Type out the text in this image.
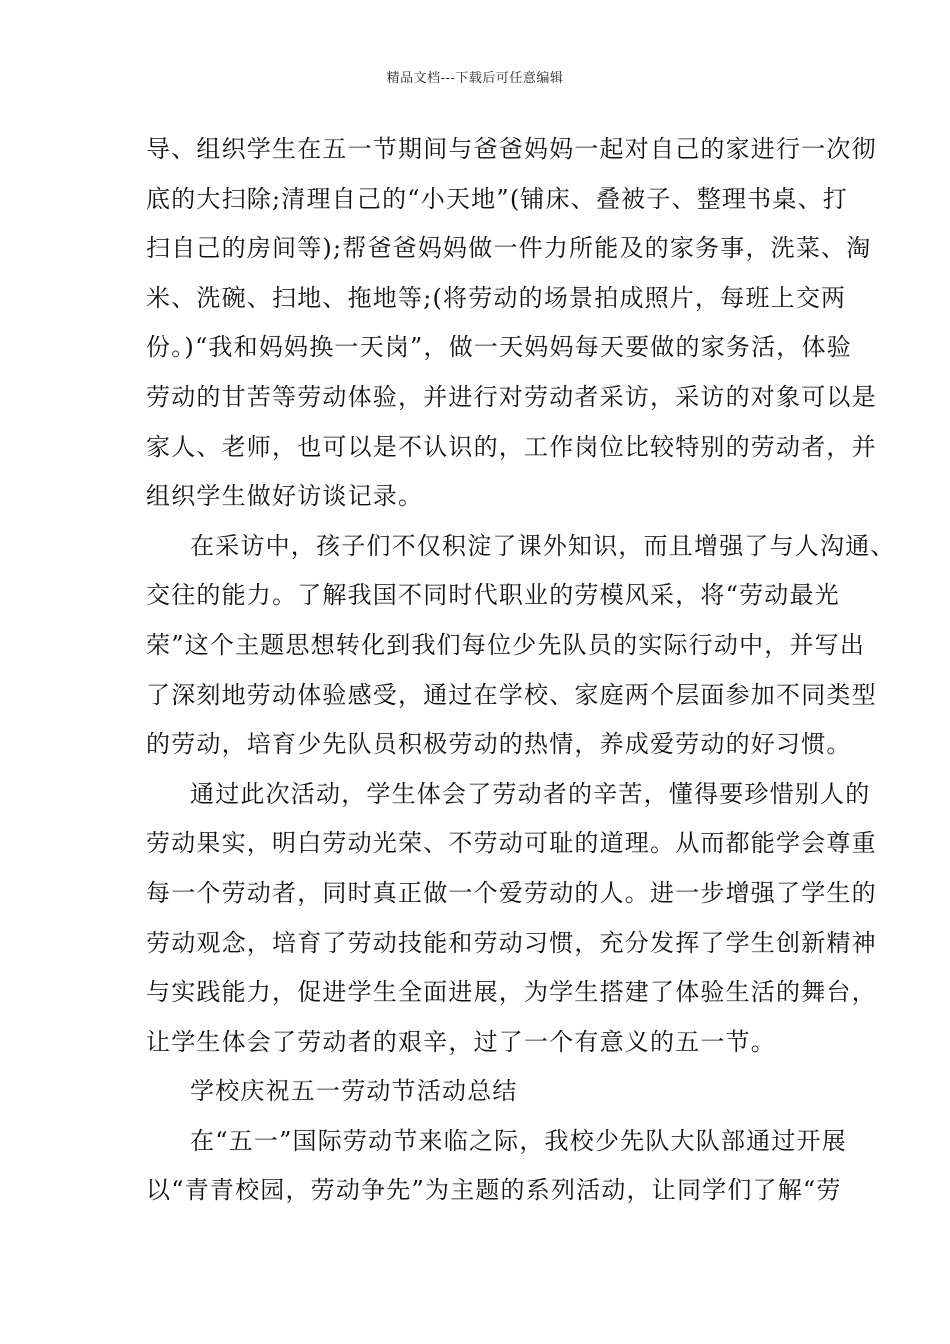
精品文档---下载后可任意编辑
导、组织学生在五一节期间与爸爸妈妈一起对自己的家进行一次彻
底的大扫除;清理自己的“小天地”(铺床、叠被子、整理书桌、打
扫自己的房间等);帮爸爸妈妈做一件力所能及的家务事，洗菜、淘
米、洗碗、扫地、拖地等;(将劳动的场景拍成照片，每班上交两
份。)“我和妈妈换一天岗”，做一天妈妈每天要做的家务活，体验
劳动的甘苦等劳动体验，并进行对劳动者采访，采访的对象可以是
家人、老师，也可以是不认识的，工作岗位比较特别的劳动者，并
组织学生做好访谈记录。
在采访中，孩子们不仅积淀了课外知识，而且增强了与人沟通、
交往的能力。了解我国不同时代职业的劳模风采，将“劳动最光
荣”这个主题思想转化到我们每位少先队员的实际行动中，并写出
了深刻地劳动体验感受，通过在学校、家庭两个层面参加不同类型
的劳动，培育少先队员积极劳动的热情，养成爱劳动的好习惯。
通过此次活动，学生体会了劳动者的辛苦，懂得要珍惜别人的
劳动果实，明白劳动光荣、不劳动可耻的道理。从而都能学会尊重
每一个劳动者，同时真正做一个爱劳动的人。进一步增强了学生的
劳动观念，培育了劳动技能和劳动习惯，充分发挥了学生创新精神
与实践能力，促进学生全面进展，为学生搭建了体验生活的舞台，
让学生体会了劳动者的艰辛，过了一个有意义的五一节。
学校庆祝五一劳动节活动总结
在“五一”国际劳动节来临之际，我校少先队大队部通过开展
以“青青校园，劳动争先”为主题的系列活动，让同学们了解“劳
